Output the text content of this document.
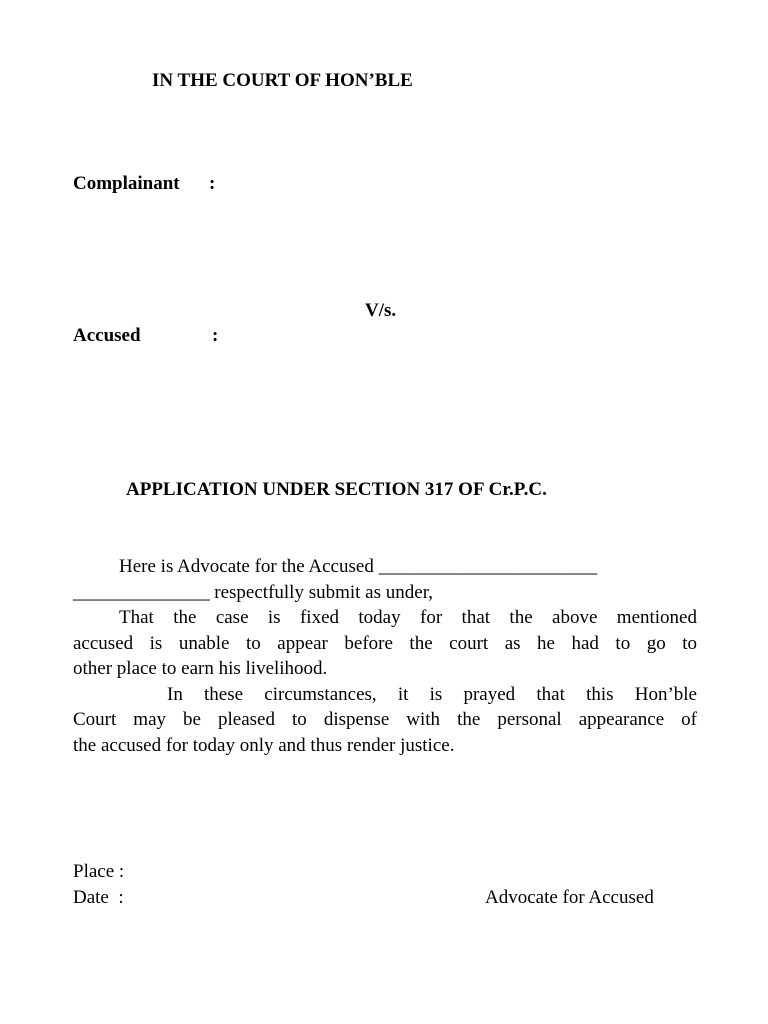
IN THE COURT OF HON’BLE
Complainant :
V/s.
Accused	:
APPLICATION UNDER SECTION 317 OF Cr.P.C.
Here is Advocate for the Accused _______________________
_______________ respectfully submit as under,
That the case is fixed today for that the above mentioned
accused is unable to appear before the court as he had to go to
other place to earn his livelihood.
In these circumstances, it is prayed that this Hon’ble
Court may be pleased to dispense with the personal appearance of
the accused for today only and thus render justice.
Place :
Date  :	Advocate for Accused
